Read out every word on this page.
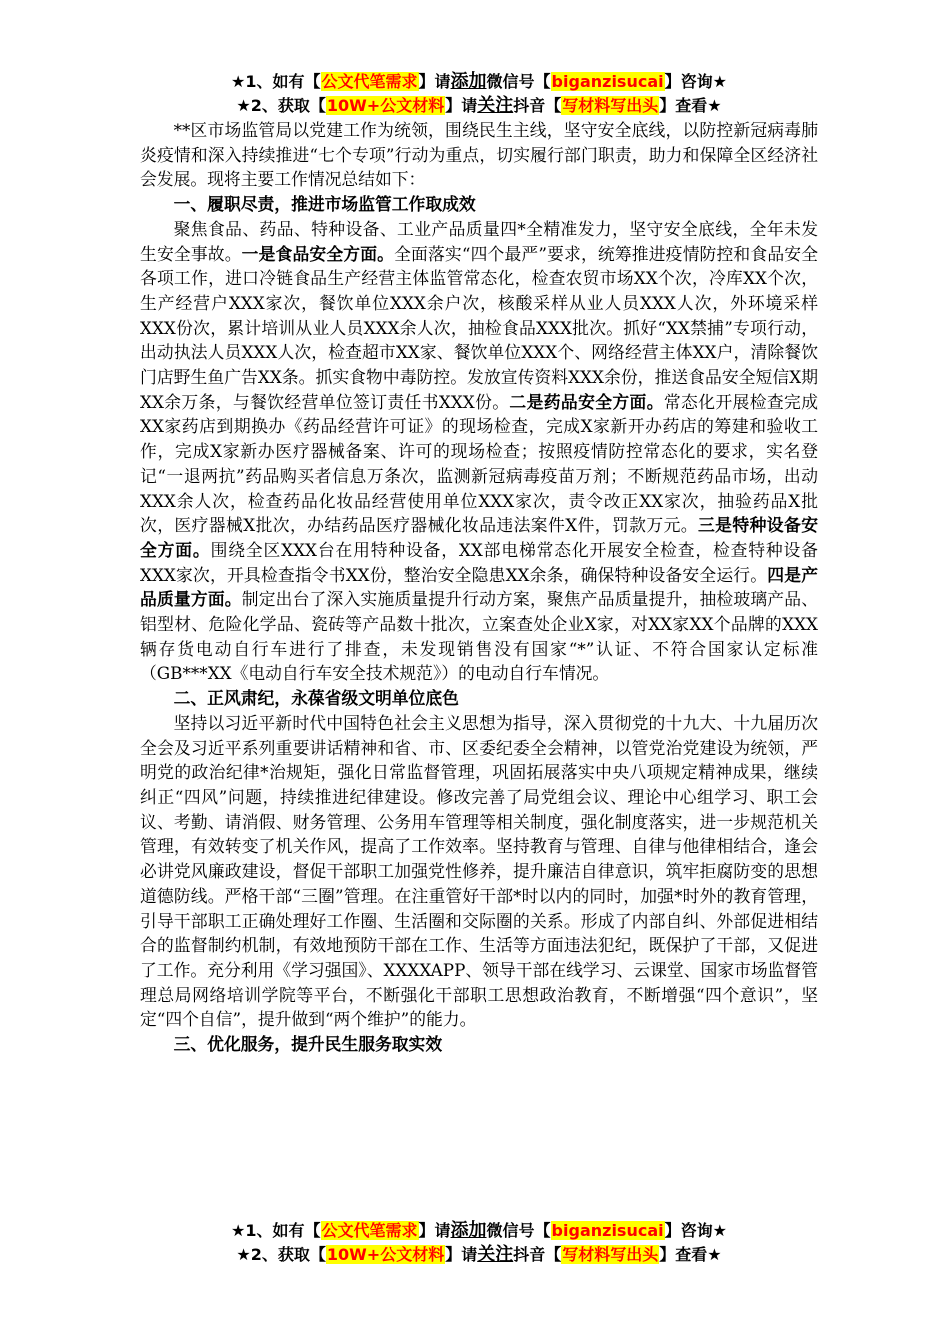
★1、如有【公文代笔需求】请添加微信号【biganzisucai】咨询★
★2、获取【10W+公文材料】请关注抖音【写材料写出头】查看★

**区市场监管局以党建工作为统领，围绕民生主线，坚守安全底线，以防控新冠病毒肺炎疫情和深入持续推进“七个专项”行动为重点，切实履行部门职责，助力和保障全区经济社会发展。现将主要工作情况总结如下：

一、履职尽责，推进市场监管工作取成效

聚焦食品、药品、特种设备、工业产品质量四*全精准发力，坚守安全底线，全年未发生安全事故。一是食品安全方面。全面落实“四个最严”要求，统筹推进疫情防控和食品安全各项工作，进口冷链食品生产经营主体监管常态化，检查农贸市场XX个次，冷库XX个次，生产经营户XXX家次，餐饮单位XXX余户次，核酸采样从业人员XXX人次，外环境采样XXX份次，累计培训从业人员XXX余人次，抽检食品XXX批次。抓好“XX禁捕”专项行动，出动执法人员XXX人次，检查超市XX家、餐饮单位XXX个、网络经营主体XX户，清除餐饮门店野生鱼广告XX条。抓实食物中毒防控。发放宣传资料XXX余份，推送食品安全短信X期XX余万条，与餐饮经营单位签订责任书XXX份。二是药品安全方面。常态化开展检查完成XX家药店到期换办《药品经营许可证》的现场检查，完成X家新开办药店的筹建和验收工作，完成X家新办医疗器械备案、许可的现场检查；按照疫情防控常态化的要求，实名登记“一退两抗”药品购买者信息万条次，监测新冠病毒疫苗万剂；不断规范药品市场，出动XXX余人次，检查药品化妆品经营使用单位XXX家次，责令改正XX家次，抽验药品X批次，医疗器械X批次，办结药品医疗器械化妆品违法案件X件，罚款万元。三是特种设备安全方面。围绕全区XXX台在用特种设备，XX部电梯常态化开展安全检查，检查特种设备XXX家次，开具检查指令书XX份，整治安全隐患XX余条，确保特种设备安全运行。四是产品质量方面。制定出台了深入实施质量提升行动方案，聚焦产品质量提升，抽检玻璃产品、铝型材、危险化学品、瓷砖等产品数十批次，立案查处企业X家，对XX家XX个品牌的XXX辆存货电动自行车进行了排查，未发现销售没有国家“*”认证、不符合国家认定标准（GB***XX《电动自行车安全技术规范》）的电动自行车情况。

二、正风肃纪，永葆省级文明单位底色

坚持以习近平新时代中国特色社会主义思想为指导，深入贯彻党的十九大、十九届历次全会及习近平系列重要讲话精神和省、市、区委纪委全会精神，以管党治党建设为统领，严明党的政治纪律*治规矩，强化日常监督管理，巩固拓展落实中央八项规定精神成果，继续纠正“四风”问题，持续推进纪律建设。修改完善了局党组会议、理论中心组学习、职工会议、考勤、请消假、财务管理、公务用车管理等相关制度，强化制度落实，进一步规范机关管理，有效转变了机关作风，提高了工作效率。坚持教育与管理、自律与他律相结合，逢会必讲党风廉政建设，督促干部职工加强党性修养，提升廉洁自律意识，筑牢拒腐防变的思想道德防线。严格干部“三圈”管理。在注重管好干部*时以内的同时，加强*时外的教育管理，引导干部职工正确处理好工作圈、生活圈和交际圈的关系。形成了内部自纠、外部促进相结合的监督制约机制，有效地预防干部在工作、生活等方面违法犯纪，既保护了干部，又促进了工作。充分利用《学习强国》、XXXXAPP、领导干部在线学习、云课堂、国家市场监督管理总局网络培训学院等平台，不断强化干部职工思想政治教育，不断增强“四个意识”，坚定“四个自信”，提升做到“两个维护”的能力。

三、优化服务，提升民生服务取实效

★1、如有【公文代笔需求】请添加微信号【biganzisucai】咨询★
★2、获取【10W+公文材料】请关注抖音【写材料写出头】查看★
